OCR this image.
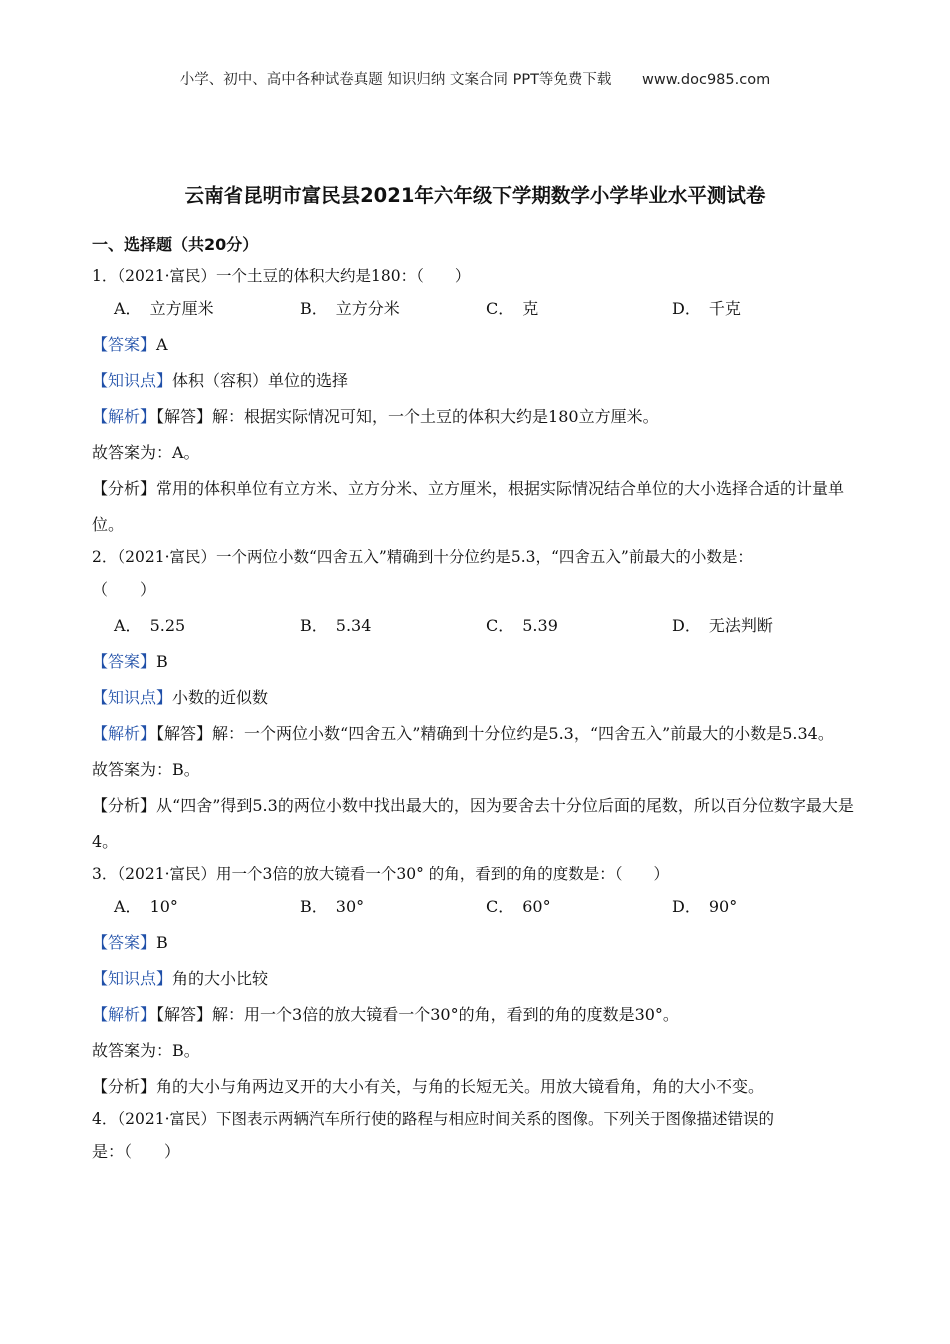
小学、初中、高中各种试卷真题 知识归纳 文案合同 PPT等免费下载 www.doc985.com
云南省昆明市富民县2021年六年级下学期数学小学毕业水平测试卷
一、选择题（共20分）

1．（2021·富民）一个土豆的体积大约是180：（　　）

A． 立方厘米	B． 立方分米	C． 克	D． 千克

【答案】A

【知识点】体积（容积）单位的选择

【解析】【解答】解：根据实际情况可知，一个土豆的体积大约是180立方厘米。

故答案为：A。

【分析】常用的体积单位有立方米、立方分米、立方厘米，根据实际情况结合单位的大小选择合适的计量单位。

2．（2021·富民）一个两位小数“四舍五入”精确到十分位约是5.3，“四舍五入”前最大的小数是：

（　　）

A． 5.25	B． 5.34	C． 5.39	D． 无法判断

【答案】B

【知识点】小数的近似数

【解析】【解答】解：一个两位小数“四舍五入”精确到十分位约是5.3，“四舍五入”前最大的小数是5.34。

故答案为：B。

【分析】从“四舍”得到5.3的两位小数中找出最大的，因为要舍去十分位后面的尾数，所以百分位数字最大是4。

3．（2021·富民）用一个3倍的放大镜看一个30° 的角，看到的角的度数是：（　　）

A． 10°	B． 30°	C． 60°	D． 90°

【答案】B

【知识点】角的大小比较

【解析】【解答】解：用一个3倍的放大镜看一个30°的角，看到的角的度数是30°。

故答案为：B。

【分析】角的大小与角两边叉开的大小有关，与角的长短无关。用放大镜看角，角的大小不变。

4．（2021·富民）下图表示两辆汽车所行使的路程与相应时间关系的图像。下列关于图像描述错误的

是：（　　）
